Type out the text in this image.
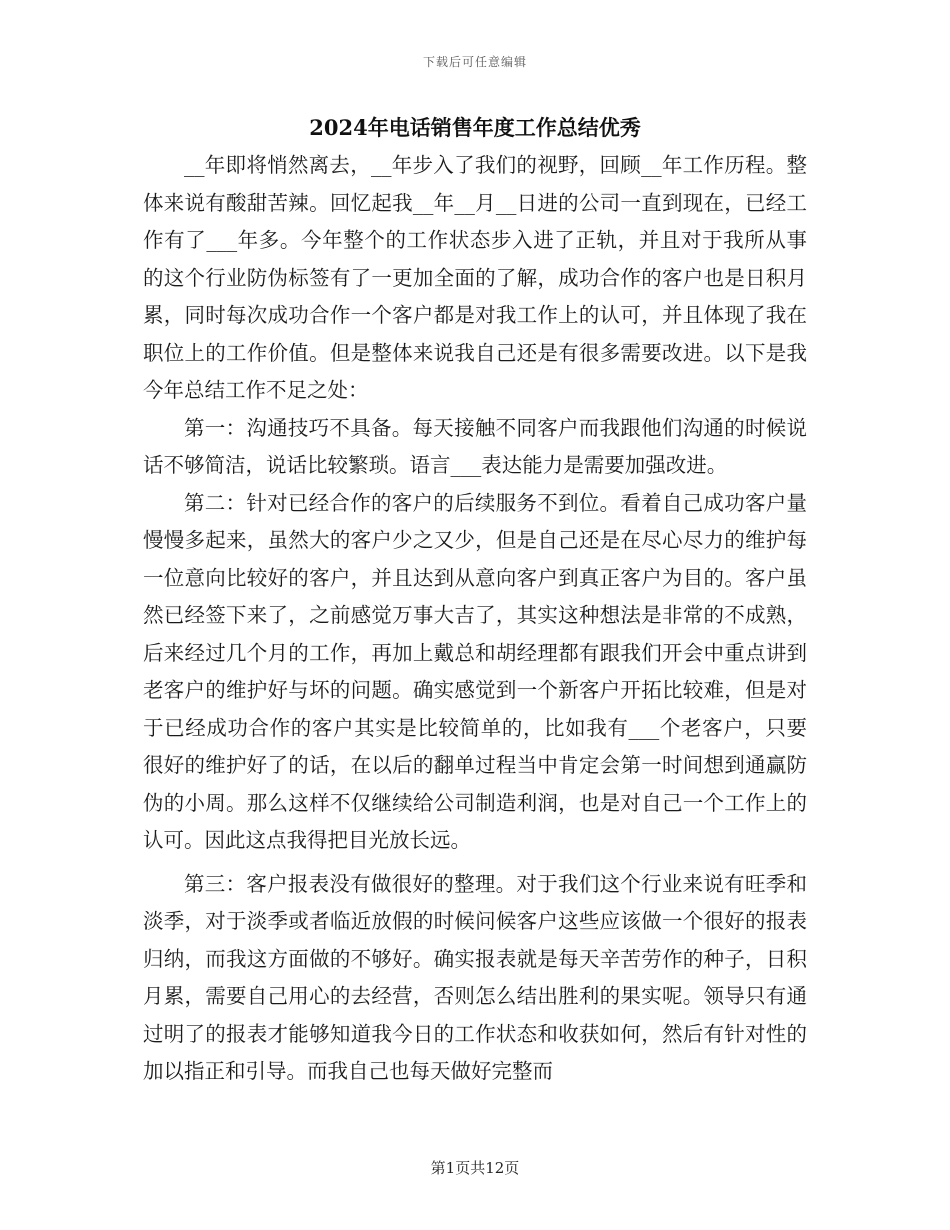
下载后可任意编辑
2024年电话销售年度工作总结优秀

__年即将悄然离去，__年步入了我们的视野，回顾__年工作历程。整体来说有酸甜苦辣。回忆起我__年__月__日进的公司一直到现在，已经工作有了___年多。今年整个的工作状态步入进了正轨，并且对于我所从事的这个行业防伪标签有了一更加全面的了解，成功合作的客户也是日积月累，同时每次成功合作一个客户都是对我工作上的认可，并且体现了我在职位上的工作价值。但是整体来说我自己还是有很多需要改进。以下是我今年总结工作不足之处：

第一：沟通技巧不具备。每天接触不同客户而我跟他们沟通的时候说话不够简洁，说话比较繁琐。语言___表达能力是需要加强改进。

第二：针对已经合作的客户的后续服务不到位。看着自己成功客户量慢慢多起来，虽然大的客户少之又少，但是自己还是在尽心尽力的维护每一位意向比较好的客户，并且达到从意向客户到真正客户为目的。客户虽然已经签下来了，之前感觉万事大吉了，其实这种想法是非常的不成熟，后来经过几个月的工作，再加上戴总和胡经理都有跟我们开会中重点讲到老客户的维护好与坏的问题。确实感觉到一个新客户开拓比较难，但是对于已经成功合作的客户其实是比较简单的，比如我有___个老客户，只要很好的维护好了的话，在以后的翻单过程当中肯定会第一时间想到通赢防伪的小周。那么这样不仅继续给公司制造利润，也是对自己一个工作上的认可。因此这点我得把目光放长远。

第三：客户报表没有做很好的整理。对于我们这个行业来说有旺季和淡季，对于淡季或者临近放假的时候问候客户这些应该做一个很好的报表归纳，而我这方面做的不够好。确实报表就是每天辛苦劳作的种子，日积月累，需要自己用心的去经营，否则怎么结出胜利的果实呢。领导只有通过明了的报表才能够知道我今日的工作状态和收获如何，然后有针对性的加以指正和引导。而我自己也每天做好完整而

第1页共12页
